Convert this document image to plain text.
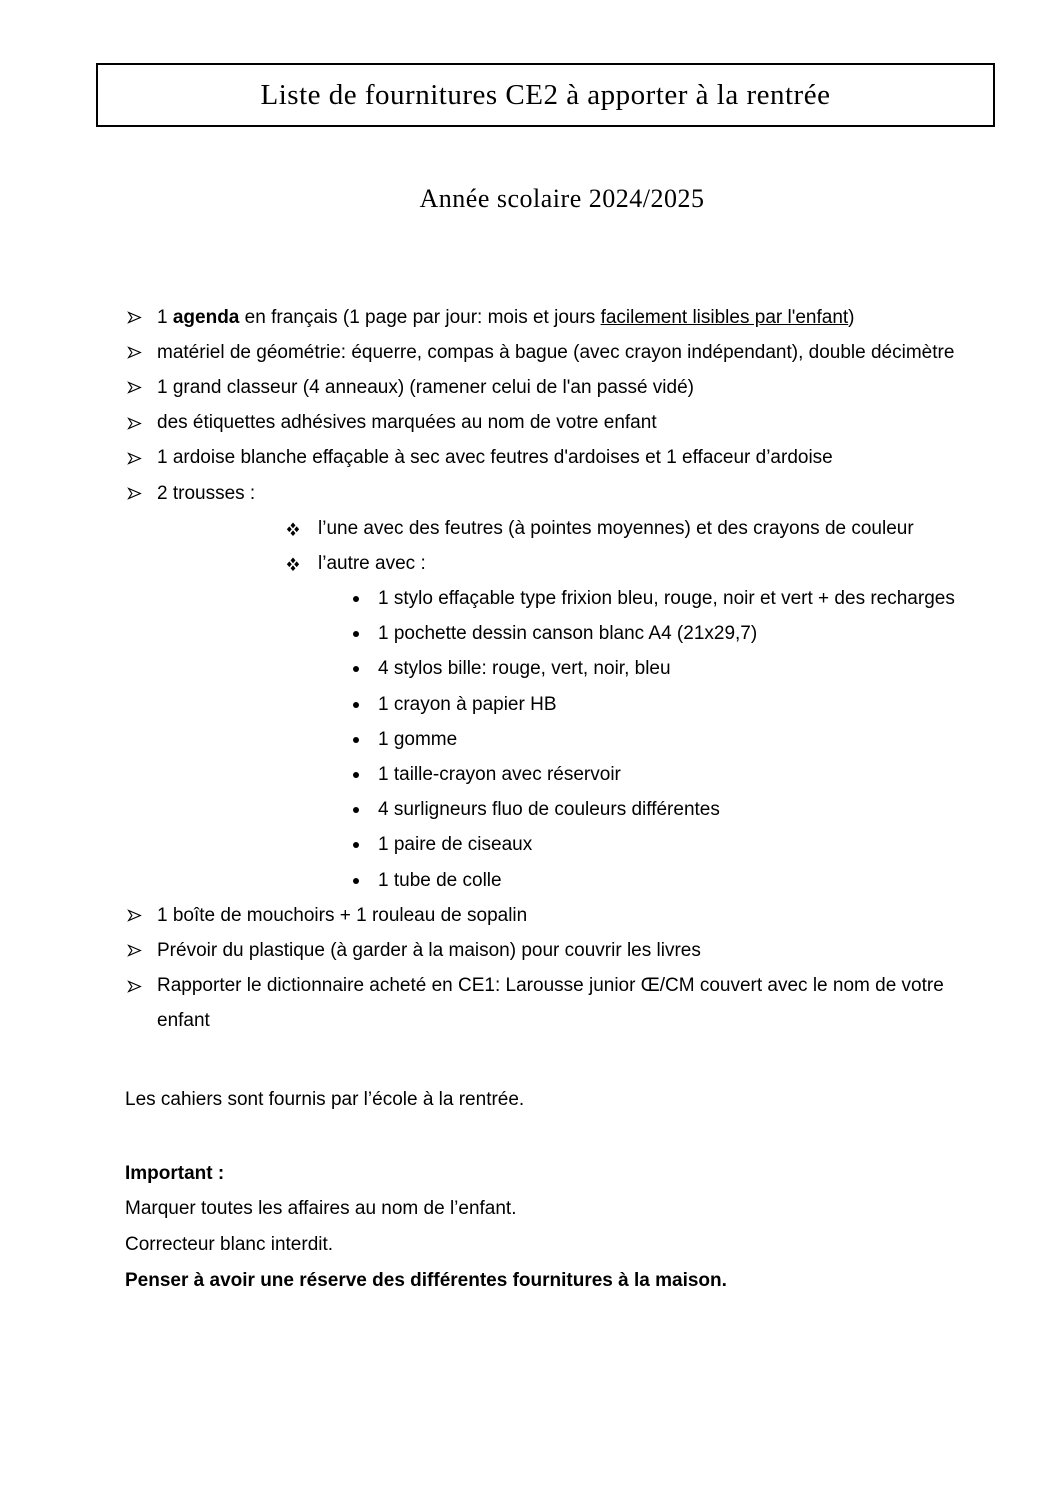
Liste de fournitures CE2 à apporter à la rentrée
Année scolaire 2024/2025
1 agenda en français (1 page par jour: mois et jours facilement lisibles par l'enfant)
matériel de géométrie: équerre, compas à bague (avec crayon indépendant), double décimètre
1 grand classeur (4 anneaux) (ramener celui de l'an passé vidé)
des étiquettes adhésives marquées au nom de votre enfant
1 ardoise blanche effaçable à sec avec feutres d'ardoises et 1 effaceur d’ardoise
2 trousses :
l’une avec des feutres (à pointes moyennes) et des crayons de couleur
l’autre avec :
1 stylo effaçable type frixion bleu, rouge, noir et vert + des recharges
1 pochette dessin canson blanc A4 (21x29,7)
4 stylos bille: rouge, vert, noir, bleu
1 crayon à papier HB
1 gomme
1 taille-crayon avec réservoir
4 surligneurs fluo de couleurs différentes
1 paire de ciseaux
1 tube de colle
1 boîte de mouchoirs + 1 rouleau de sopalin
Prévoir du plastique (à garder à la maison) pour couvrir les livres
Rapporter le dictionnaire acheté en CE1: Larousse junior Œ/CM couvert avec le nom de votre
enfant
Les cahiers sont fournis par l’école à la rentrée.
Important :
Marquer toutes les affaires au nom de l’enfant.
Correcteur blanc interdit.
Penser à avoir une réserve des différentes fournitures à la maison.
